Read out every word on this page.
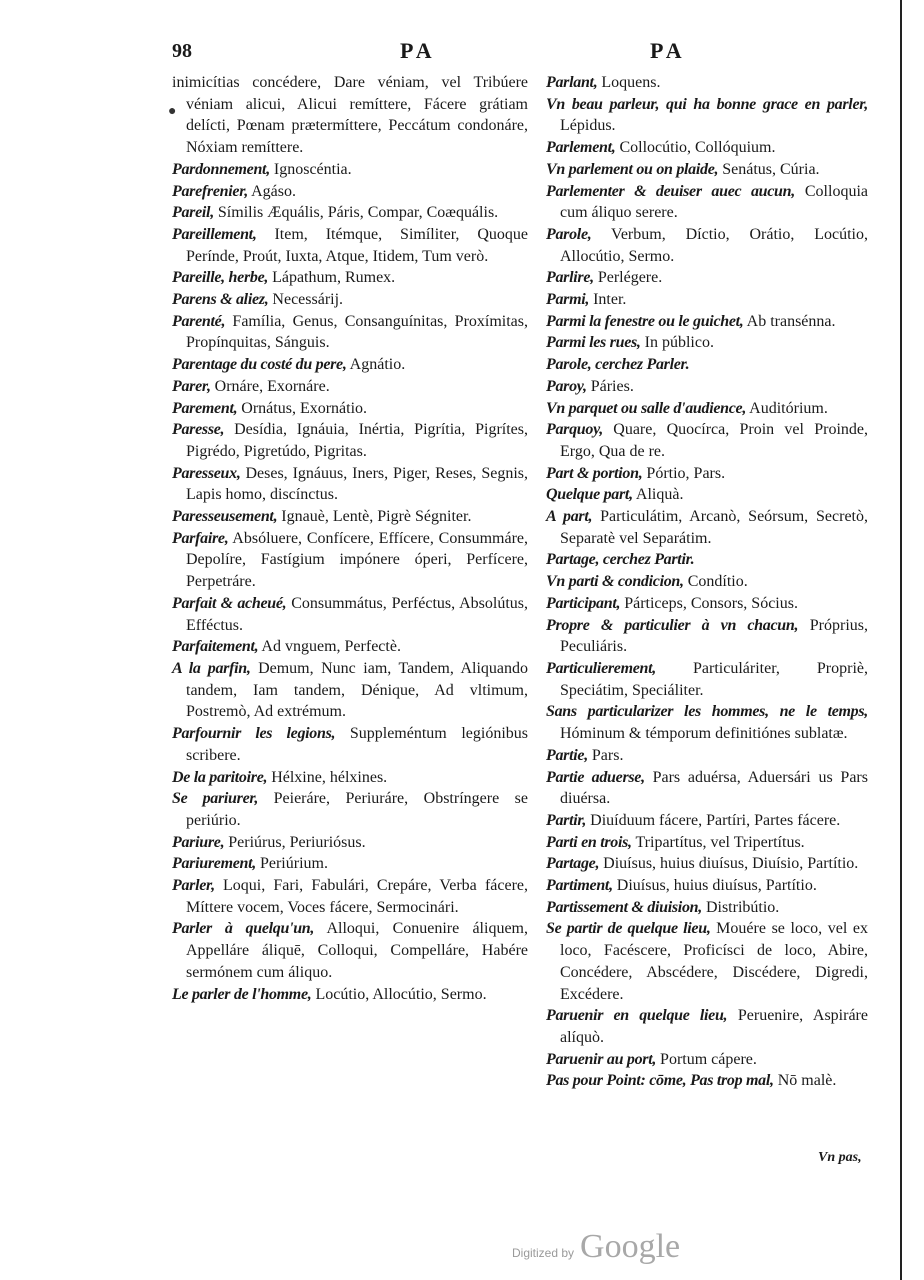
98	PA	PA

inimicítias concédere, Dare véniam, vel Tribúere véniam alicui, Alicui remíttere, Fácere grátiam delícti, Pœnam prætermíttere, Peccátum condonáre, Nóxiam remíttere.

Pardonnement, Ignoscéntia.

Parefrenier, Agáso.

Pareil, Símilis Æquális, Páris, Compar, Coæquális.

Pareillement, Item, Itémque, Simíliter, Quoque Perínde, Proút, Iuxta, Atque, Itidem, Tum verò.

Pareille, herbe, Lápathum, Rumex.

Parens & aliez, Necessárij.

Parenté, Família, Genus, Consanguínitas, Proxímitas, Propínquitas, Sánguis.

Parentage du costé du pere, Agnátio.

Parer, Ornáre, Exornáre.

Parement, Ornátus, Exornátio.

Paresse, Desídia, Ignáuia, Inértia, Pigrítia, Pigrítes, Pigrédo, Pigretúdo, Pigritas.

Paresseux, Deses, Ignáuus, Iners, Piger, Reses, Segnis, Lapis homo, discínctus.

Paresseusement, Ignauè, Lentè, Pigrè Ségniter.

Parfaire, Absóluere, Confícere, Effícere, Consummáre, Depolíre, Fastígium impónere óperi, Perfícere, Perpetráre.

Parfait & acheué, Consummátus, Perféctus, Absolútus, Efféctus.

Parfaitement, Ad vnguem, Perfectè.

A la parfin, Demum, Nunc iam, Tandem, Aliquando tandem, Iam tandem, Dénique, Ad vltimum, Postremò, Ad extrémum.

Parfournir les legions, Suppleméntum legiónibus scribere.

De la paritoire, Hélxine, hélxines.

Se pariurer, Peieráre, Periuráre, Obstríngere se periúrio.

Pariure, Periúrus, Periuriósus.

Pariurement, Periúrium.

Parler, Loqui, Fari, Fabulári, Crepáre, Verba fácere, Míttere vocem, Voces fácere, Sermocinári.

Parler à quelqu'un, Alloqui, Conuenire áliquem, Appelláre áliquē, Colloqui, Compelláre, Habére sermónem cum áliquo.

Le parler de l'homme, Locútio, Allocútio, Sermo.

Parlant, Loquens.

Vn beau parleur, qui ha bonne grace en parler, Lépidus.

Parlement, Collocútio, Collóquium.

Vn parlement ou on plaide, Senátus, Cúria.

Parlementer & deuiser auec aucun, Colloquia cum áliquo serere.

Parole, Verbum, Díctio, Orátio, Locútio, Allocútio, Sermo.

Parlire, Perlégere.

Parmi, Inter.

Parmi la fenestre ou le guichet, Ab transénna.

Parmi les rues, In público.

Parole, cerchez Parler.

Paroy, Páries.

Vn parquet ou salle d'audience, Auditórium.

Parquoy, Quare, Quocírca, Proin vel Proinde, Ergo, Qua de re.

Part & portion, Pórtio, Pars.

Quelque part, Aliquà.

A part, Particulátim, Arcanò, Seórsum, Secretò, Separatè vel Separátim.

Partage, cerchez Partir.

Vn parti & condicion, Condítio.

Participant, Párticeps, Consors, Sócius.

Propre & particulier à vn chacun, Próprius, Peculiáris.

Particulierement, Particuláriter, Propriè, Speciátim, Speciáliter.

Sans particularizer les hommes, ne le temps, Hóminum & témporum definitiónes sublatæ.

Partie, Pars.

Partie aduerse, Pars aduérsa, Aduersári us Pars diuérsa.

Partir, Diuíduum fácere, Partíri, Partes fácere.

Parti en trois, Tripartítus, vel Tripertítus.

Partage, Diuísus, huius diuísus, Diuísio, Partítio.

Partiment, Diuísus, huius diuísus, Partítio.

Partissement & diuision, Distribútio.

Se partir de quelque lieu, Mouére se loco, vel ex loco, Facéscere, Proficísci de loco, Abire, Concédere, Abscédere, Discédere, Digredi, Excédere.

Paruenir en quelque lieu, Peruenire, Aspiráre alíquò.

Paruenir au port, Portum cápere.

Pas pour Point: cōme, Pas trop mal, Nō malè.

Vn pas,
Digitized by Google
●
